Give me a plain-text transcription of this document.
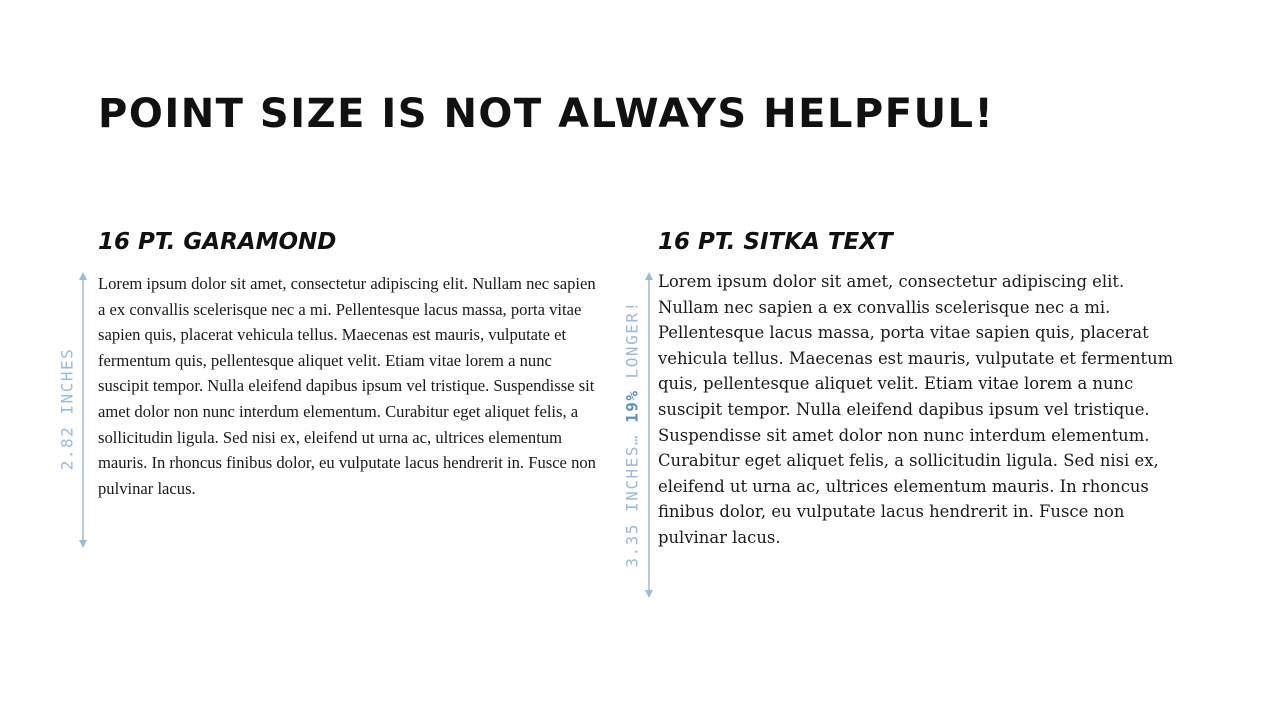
POINT SIZE IS NOT ALWAYS HELPFUL!
16 PT. GARAMOND	16 PT. SITKA TEXT
2.82 INCHES
3.35 INCHES… 19% LONGER!

Lorem ipsum dolor sit amet, consectetur adipiscing elit. Nullam nec sapien a ex convallis scelerisque nec a mi. Pellentesque lacus massa, porta vitae sapien quis, placerat vehicula tellus. Maecenas est mauris, vulputate et fermentum quis, pellentesque aliquet velit. Etiam vitae lorem a nunc suscipit tempor. Nulla eleifend dapibus ipsum vel tristique. Suspendisse sit amet dolor non nunc interdum elementum. Curabitur eget aliquet felis, a sollicitudin ligula. Sed nisi ex, eleifend ut urna ac, ultrices elementum mauris. In rhoncus finibus dolor, eu vulputate lacus hendrerit in. Fusce non pulvinar lacus.

Lorem ipsum dolor sit amet, consectetur adipiscing elit. Nullam nec sapien a ex convallis scelerisque nec a mi. Pellentesque lacus massa, porta vitae sapien quis, placerat vehicula tellus. Maecenas est mauris, vulputate et fermentum quis, pellentesque aliquet velit. Etiam vitae lorem a nunc suscipit tempor. Nulla eleifend dapibus ipsum vel tristique. Suspendisse sit amet dolor non nunc interdum elementum. Curabitur eget aliquet felis, a sollicitudin ligula. Sed nisi ex, eleifend ut urna ac, ultrices elementum mauris. In rhoncus finibus dolor, eu vulputate lacus hendrerit in. Fusce non pulvinar lacus.
